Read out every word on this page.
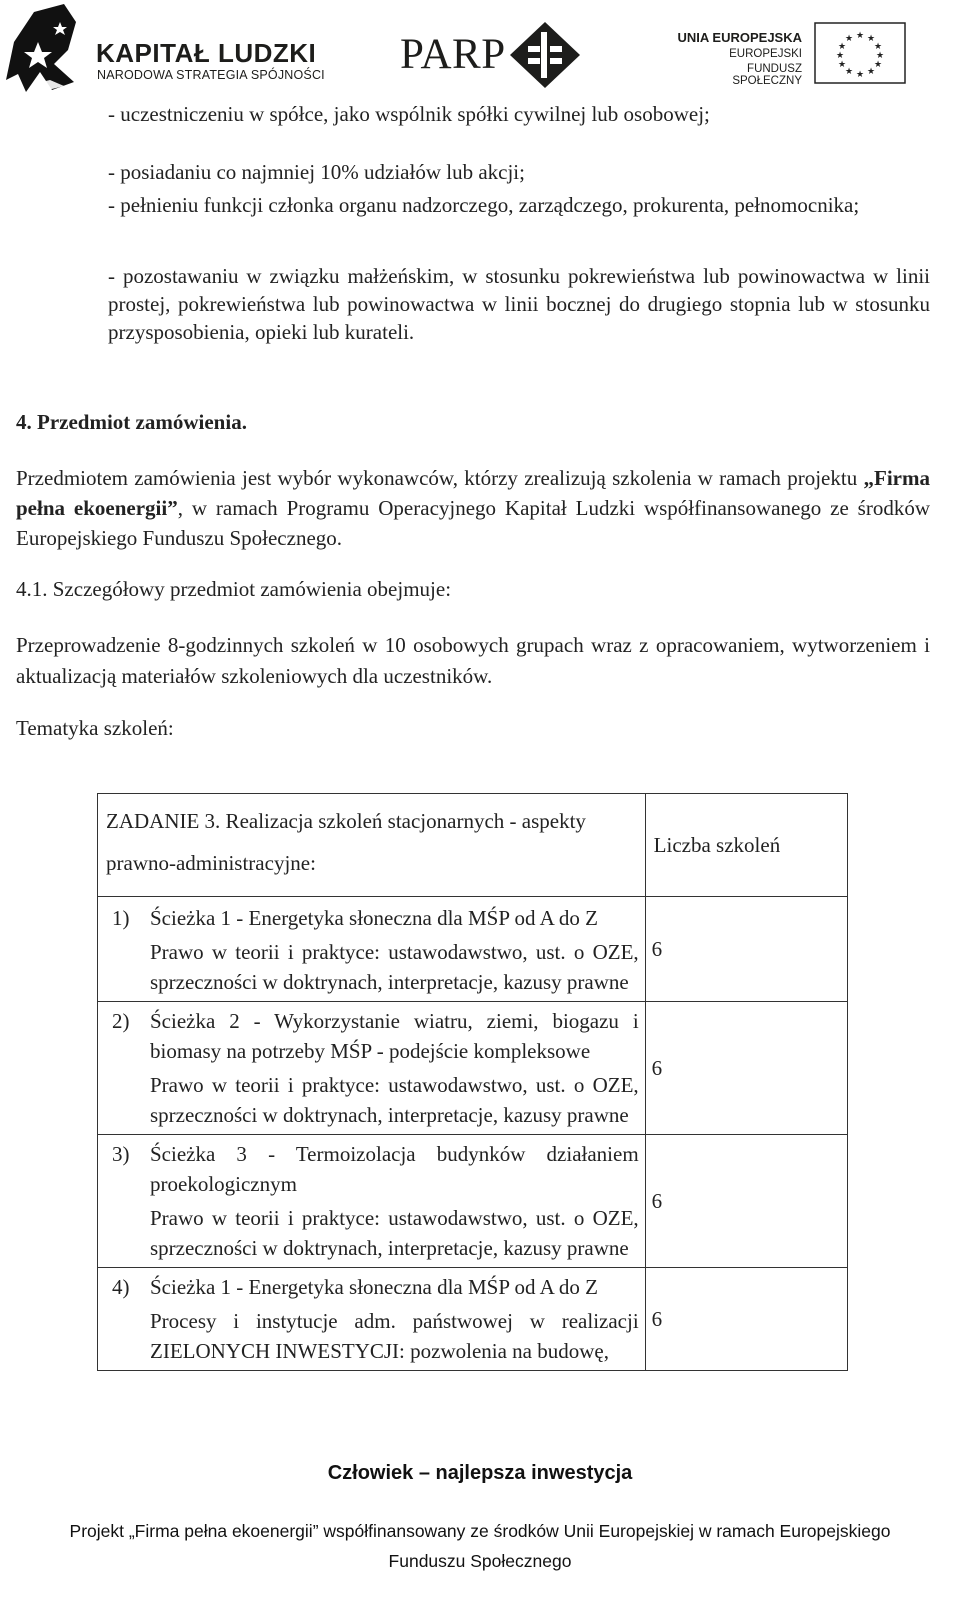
KAPITAŁ LUDZKI
NARODOWA STRATEGIA SPÓJNOŚCI PARP	UNIA EUROPEJSKA
EUROPEJSKI
FUNDUSZ SPOŁECZNY
★ ★
★
★
★
★
★
★
★
★
★
★

- uczestniczeniu w spółce, jako wspólnik spółki cywilnej lub osobowej;

- posiadaniu co najmniej 10% udziałów lub akcji;

- pełnieniu funkcji członka organu nadzorczego, zarządczego, prokurenta, pełnomocnika;

- pozostawaniu w związku małżeńskim, w stosunku pokrewieństwa lub powinowactwa w linii prostej, pokrewieństwa lub powinowactwa w linii bocznej do drugiego stopnia lub w stosunku przysposobienia, opieki lub kurateli.

4. Przedmiot zamówienia.

Przedmiotem zamówienia jest wybór wykonawców, którzy zrealizują szkolenia w ramach projektu „Firma pełna ekoenergii”, w ramach Programu Operacyjnego Kapitał Ludzki współfinansowanego ze środków Europejskiego Funduszu Społecznego.

4.1. Szczegółowy przedmiot zamówienia obejmuje:

Przeprowadzenie 8-godzinnych szkoleń w 10 osobowych grupach wraz z opracowaniem, wytworzeniem i aktualizacją materiałów szkoleniowych dla uczestników.

Tematyka szkoleń:

ZADANIE 3. Realizacja szkoleń stacjonarnych - aspekty prawno-administracyjne:	Liczba szkoleń

1) Ścieżka 1 - Energetyka słoneczna dla MŚP od A do Z
Prawo w teorii i praktyce: ustawodawstwo, ust. o OZE, sprzeczności w doktrynach, interpretacje, kazusy prawne	6

2) Ścieżka 2 - Wykorzystanie wiatru, ziemi, biogazu i biomasy na potrzeby MŚP - podejście kompleksowe
Prawo w teorii i praktyce: ustawodawstwo, ust. o OZE, sprzeczności w doktrynach, interpretacje, kazusy prawne	6

3) Ścieżka 3 - Termoizolacja budynków działaniem proekologicznym
Prawo w teorii i praktyce: ustawodawstwo, ust. o OZE, sprzeczności w doktrynach, interpretacje, kazusy prawne	6

4) Ścieżka 1 - Energetyka słoneczna dla MŚP od A do Z
Procesy i instytucje adm. państwowej w realizacji ZIELONYCH INWESTYCJI: pozwolenia na budowę,	6
Człowiek – najlepsza inwestycja
Projekt „Firma pełna ekoenergii” współfinansowany ze środków Unii Europejskiej w ramach Europejskiego Funduszu Społecznego
